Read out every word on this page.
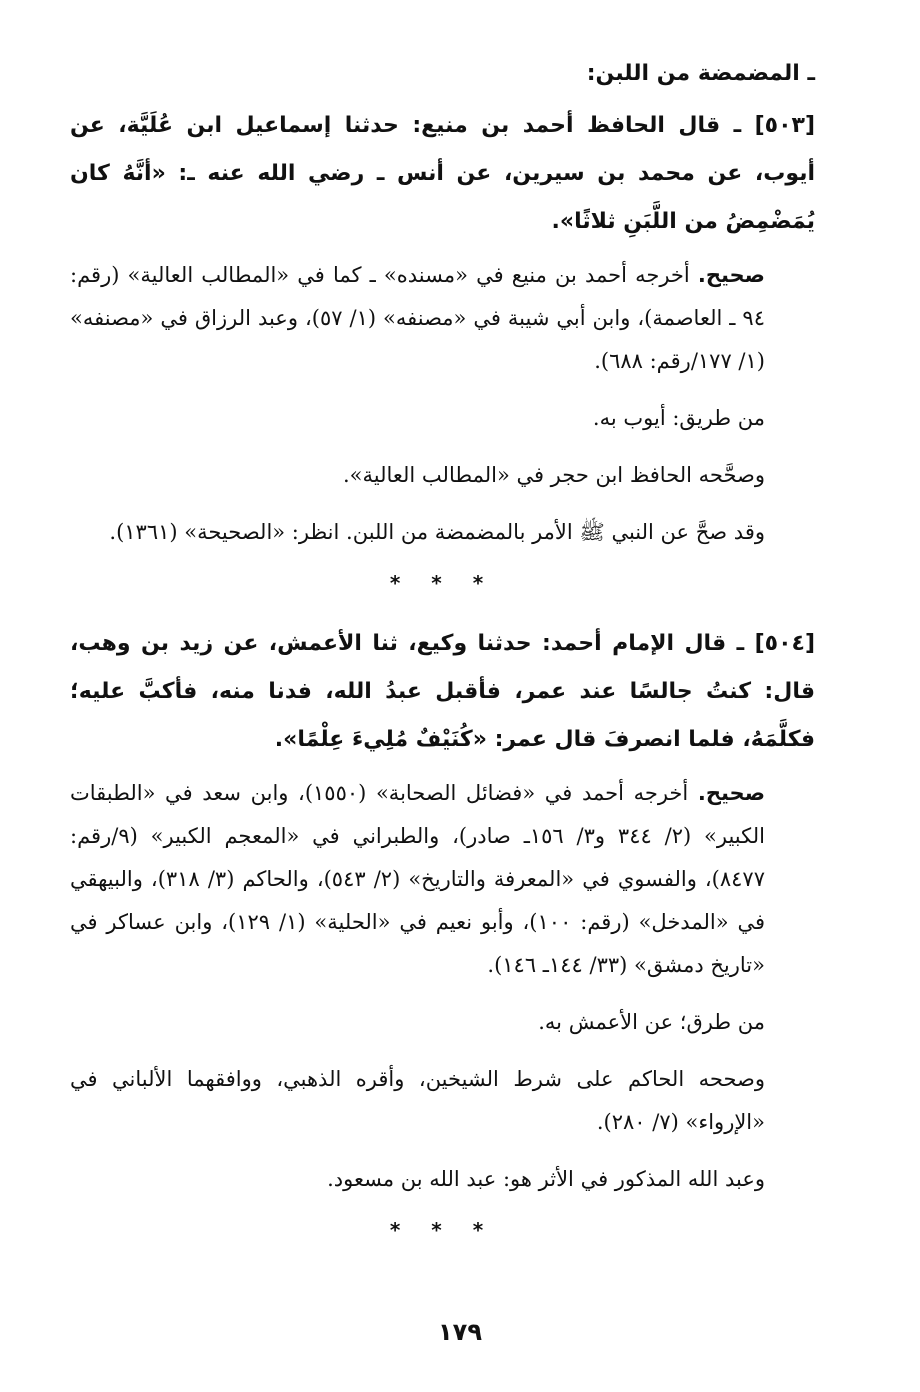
ـ المضمضة من اللبن:
[٥٠٣] ـ قال الحافظ أحمد بن منيع: حدثنا إسماعيل ابن عُلَيَّة، عن أيوب، عن محمد بن سيرين، عن أنس ـ رضي الله عنه ـ: «أنَّهُ كان يُمَضْمِضُ من اللَّبَنِ ثلاثًا».
صحيح. أخرجه أحمد بن منيع في «مسنده» ـ كما في «المطالب العالية» (رقم: ٩٤ ـ العاصمة)، وابن أبي شيبة في «مصنفه» (١/ ٥٧)، وعبد الرزاق في «مصنفه» (١/ ١٧٧/رقم: ٦٨٨).
من طريق: أيوب به.
وصحَّحه الحافظ ابن حجر في «المطالب العالية».
وقد صحَّ عن النبي ﷺ الأمر بالمضمضة من اللبن. انظر: «الصحيحة» (١٣٦١).
* * *
[٥٠٤] ـ قال الإمام أحمد: حدثنا وكيع، ثنا الأعمش، عن زيد بن وهب، قال: كنتُ جالسًا عند عمر، فأقبل عبدُ الله، فدنا منه، فأكبَّ عليه؛ فكلَّمَهُ، فلما انصرفَ قال عمر: «كُنَيْفٌ مُلِيءَ عِلْمًا».
صحيح. أخرجه أحمد في «فضائل الصحابة» (١٥٥٠)، وابن سعد في «الطبقات الكبير» (٢/ ٣٤٤ و٣/ ١٥٦ـ صادر)، والطبراني في «المعجم الكبير» (٩/رقم: ٨٤٧٧)، والفسوي في «المعرفة والتاريخ» (٢/ ٥٤٣)، والحاكم (٣/ ٣١٨)، والبيهقي في «المدخل» (رقم: ١٠٠)، وأبو نعيم في «الحلية» (١/ ١٢٩)، وابن عساكر في «تاريخ دمشق» (٣٣/ ١٤٤ـ ١٤٦).
من طرق؛ عن الأعمش به.
وصححه الحاكم على شرط الشيخين، وأقره الذهبي، ووافقهما الألباني في «الإرواء» (٧/ ٢٨٠).
وعبد الله المذكور في الأثر هو: عبد الله بن مسعود.
* * *
١٧٩
